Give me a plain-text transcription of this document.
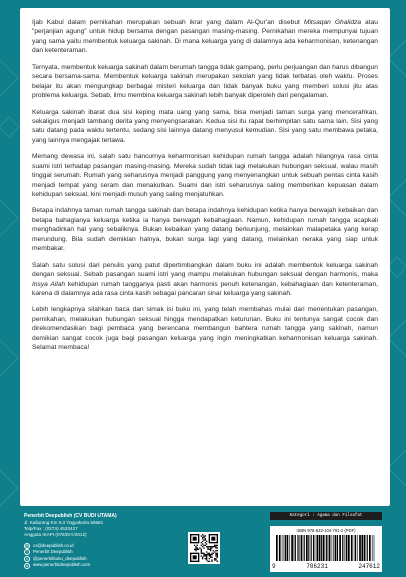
Ijab Kabul dalam pernikahan merupakan sebuah ikrar yang dalam Al-Qur'an disebut Mitsaqan Ghalidza atau "perjanjian agung" untuk hidup bersama dengan pasangan masing-masing. Pernikahan mereka mempunyai tujuan yang sama yaitu membentuk keluarga sakinah. Di mana keluarga yang di dalamnya ada keharmonisan, ketenangan dan ketenteraman.

Ternyata, membentuk keluarga sakinah dalam berumah tangga tidak gampang, perlu perjuangan dan harus dibangun secara bersama-sama. Membentuk keluarga sakinah merupakan sekolah yang tidak terbatas oleh waktu. Proses belajar itu akan mengungkap berbagai misteri keluarga dan tidak banyak buku yang memberi solusi jitu atas problema keluarga. Sebab, ilmu membina keluarga sakinah lebih banyak diperoleh dari pengalaman.

Keluarga sakinah ibarat dua sisi keping mata uang yang sama, bisa menjadi taman surga yang mencerahkan, sekaligus menjadi tambang derita yang menyengsarakan. Kedua sisi itu rapat berhimpitan satu sama lain. Sisi yang satu datang pada waktu tertentu, sedang sisi lainnya datang menyusul kemudian. Sisi yang satu membawa petaka, yang lainnya mengajak tertawa.

Memang dewasa ini, salah satu hancurnya keharmonisan kehidupan rumah tangga adalah hilangnya rasa cinta suami istri terhadap pasangan masing-masing. Mereka sudah tidak lagi melakukan hubungan seksual, walau masih tinggal serumah. Rumah yang seharusnya menjadi panggung yang menyenangkan untuk sebuah pentas cinta kasih menjadi tempat yang seram dan menakutkan. Suami dan istri seharusnya saling memberikan kepuasan dalam kehidupan seksual, kini menjadi musuh yang saling menjatuhkan.

Betapa indahnya taman rumah tangga sakinah dan betapa indahnya kehidupan ketika hanya berwajah kebaikan dan betapa bahagianya keluarga ketika ia hanya berwajah kebahagiaan. Namun, kehidupan rumah tangga acapkali menghadirkan hal yang sebaliknya. Bukan kebaikan yang datang berkunjung, melainkan malapetaka yang kerap merundung. Bila sudah demikian halnya, bukan surga lagi yang datang, melainkan neraka yang siap untuk membakar.

Salah satu solusi dari penulis yang patut dipertimbangkan dalam buku ini adalah membentuk keluarga sakinah dengan seksual. Sebab pasangan suami istri yang mampu melakukan hubungan seksual dengan harmonis, maka Insya Allah kehidupan rumah tangganya pasti akan harmonis penuh ketenangan, kebahagiaan dan ketenteraman, karena di dalamnya ada rasa cinta kasih sebagai pancaran sinar keluarga yang sakinah.

Lebih lengkapnya silahkan baca dan simak isi buku ini, yang telah membahas mulai dari menentukan pasangan, pernikahan, melakukan hubungan seksual hingga mendapatkan keturunan. Buku ini tentunya sangat cocok dan direkomendasikan bagi pembaca yang berencana membangun bahtera rumah tangga yang sakinah, namun demikian sangat cocok juga bagi pasangan keluarga yang ingin meningkatkan keharmonisan keluarga sakinah. Selamat membaca!

Penerbit Deepublish (CV BUDI UTAMA)

Jl. Kaliurang Km 9,3 Yogyakarta 55581

Telp/Fax : (0274) 4533427

Anggota IKAPI (076/DIY/2012)

@ cs@deepublish.co.id
f	Penerbit Deepublish
o	@penerbitbuku_deepublish
w	www.penerbitdeepublish.com
Kategori : Agama dan Filsafat

ISBN 978-623-104-791-2 (PDF)

9	786231	247612
